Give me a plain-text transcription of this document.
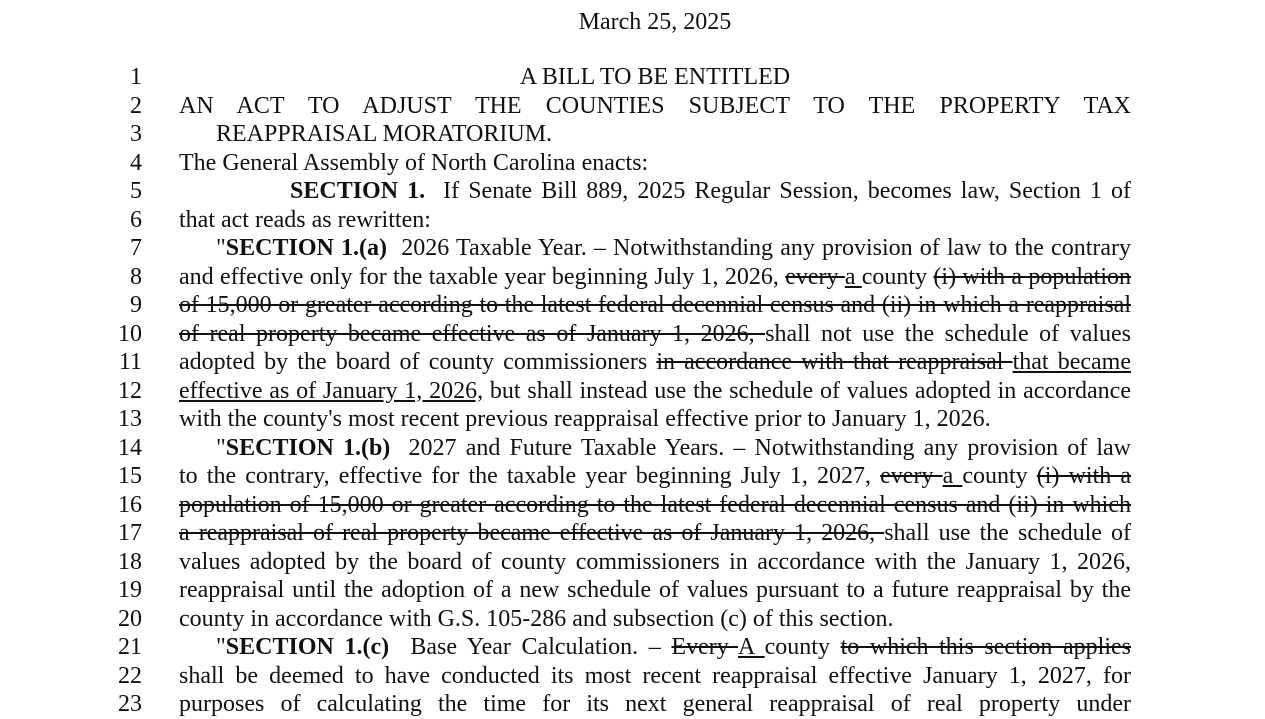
March 25, 2025
1	A BILL TO BE ENTITLED
2 AN ACT TO ADJUST THE COUNTIES SUBJECT TO THE PROPERTY TAX
3	REAPPRAISAL MORATORIUM.
4 The General Assembly of North Carolina enacts:
5	SECTION 1.  If Senate Bill 889, 2025 Regular Session, becomes law, Section 1 of
6 that act reads as rewritten:
7	"SECTION 1.(a)  2026 Taxable Year. – Notwithstanding any provision of law to the contrary
8 and effective only for the taxable year beginning July 1, 2026, every a county (i) with a population
9 of 15,000 or greater according to the latest federal decennial census and (ii) in which a reappraisal
10 of real property became effective as of January 1, 2026, shall not use the schedule of values
11 adopted by the board of county commissioners in accordance with that reappraisal that became
12 effective as of January 1, 2026, but shall instead use the schedule of values adopted in accordance
13 with the county's most recent previous reappraisal effective prior to January 1, 2026.
14	"SECTION 1.(b)  2027 and Future Taxable Years. – Notwithstanding any provision of law
15 to the contrary, effective for the taxable year beginning July 1, 2027, every a county (i) with a
16 population of 15,000 or greater according to the latest federal decennial census and (ii) in which
17 a reappraisal of real property became effective as of January 1, 2026, shall use the schedule of
18 values adopted by the board of county commissioners in accordance with the January 1, 2026,
19 reappraisal until the adoption of a new schedule of values pursuant to a future reappraisal by the
20 county in accordance with G.S. 105-286 and subsection (c) of this section.
21	"SECTION 1.(c)  Base Year Calculation. – Every A county to which this section applies
22 shall be deemed to have conducted its most recent reappraisal effective January 1, 2027, for
23 purposes of calculating the time for its next general reappraisal of real property under
